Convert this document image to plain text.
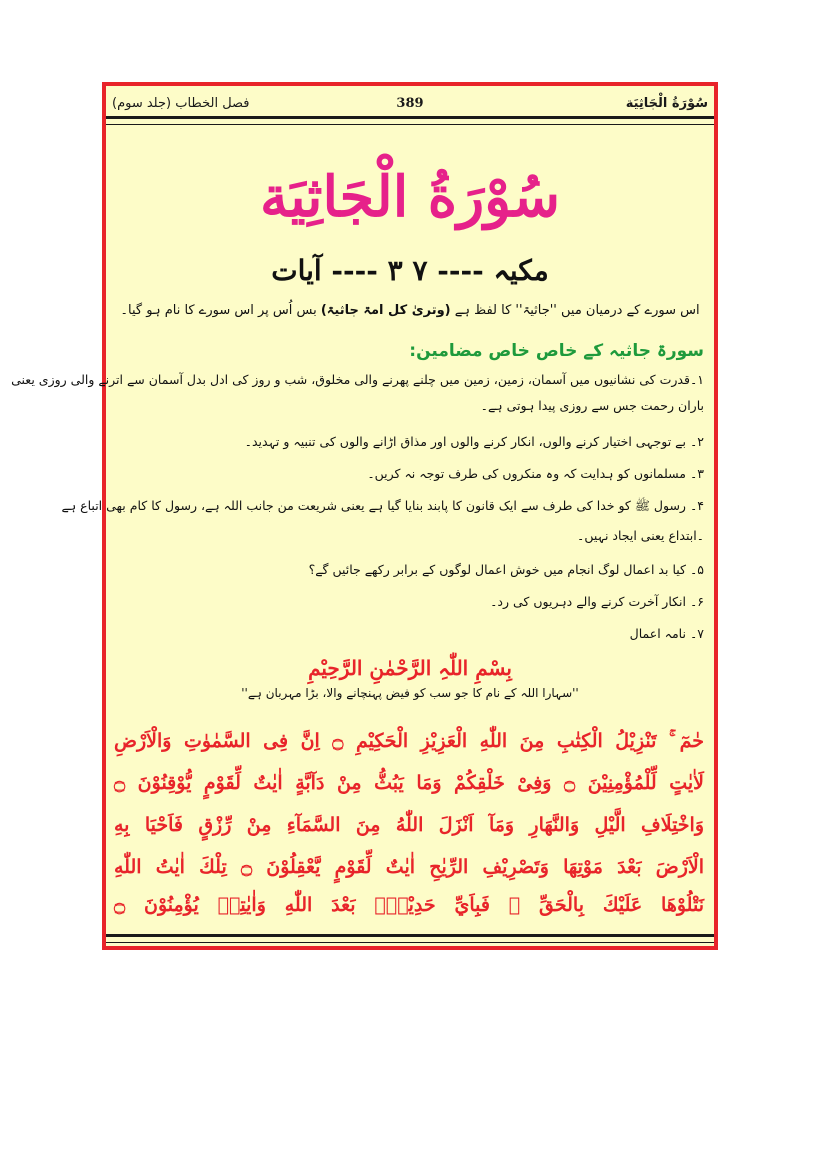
سُوْرَةُ الْجَاثِيَة
389
فصل الخطاب (جلد سوم)
سُوْرَةُ الْجَاثِيَة
مکیہ ---- ۷ ۳ ---- آیات
اس سورے کے درمیان میں ''جاثیۃ'' کا لفظ ہے (وتریٰ کل امۃ جاثیۃ) بس اُس پر اس سورے کا نام ہو گیا۔
سورۃ جاثیہ کے خاص خاص مضامین:
۱۔قدرت کی نشانیوں میں آسمان، زمین، زمین میں چلنے پھرنے والی مخلوق، شب و روز کی ادل بدل آسمان سے اترنے والی روزی یعنی
باران رحمت جس سے روزی پیدا ہوتی ہے۔
۲۔ بے توجہی اختیار کرنے والوں، انکار کرنے والوں اور مذاق اڑانے والوں کی تنبیہ و تہدید۔
۳۔ مسلمانوں کو ہدایت کہ وہ منکروں کی طرف توجہ نہ کریں۔
۴۔ رسول ﷺ کو خدا کی طرف سے ایک قانون کا پابند بنایا گیا ہے یعنی شریعت من جانب اللہ ہے، رسول کا کام بھی اتباع ہے
۔ابتداع یعنی ایجاد نہیں۔
۵۔ کیا بد اعمال لوگ انجام میں خوش اعمال لوگوں کے برابر رکھے جائیں گے؟
۶۔ انکار آخرت کرنے والے دہریوں کی رد۔
۷۔ نامہ اعمال
بِسْمِ اللّٰہِ الرَّحْمٰنِ الرَّحِیْمِ
''سہارا اللہ کے نام کا جو سب کو فیض پہنچانے والا، بڑا مہربان ہے''
حٰمٓ ۚ تَنْزِيْلُ الْكِتٰبِ مِنَ اللّٰهِ الْعَزِيْزِ الْحَكِيْمِ ۝ اِنَّ فِى السَّمٰوٰتِ وَالْاَرْضِ
لَاٰيٰتٍ لِّلْمُؤْمِنِيْنَ ۝ وَفِىْ خَلْقِكُمْ وَمَا يَبُثُّ مِنْ دَآبَّةٍ اٰيٰتٌ لِّقَوْمٍ يُّوْقِنُوْنَ ۝
وَاخْتِلَافِ الَّيْلِ وَالنَّهَارِ وَمَآ اَنْزَلَ اللّٰهُ مِنَ السَّمَآءِ مِنْ رِّزْقٍ فَاَحْيَا بِهِ
الْاَرْضَ بَعْدَ مَوْتِهَا وَتَصْرِيْفِ الرِّيٰحِ اٰيٰتٌ لِّقَوْمٍ يَّعْقِلُوْنَ ۝ تِلْكَ اٰيٰتُ اللّٰهِ
نَتْلُوْهَا عَلَيْكَ بِالْحَقِّ ۚ فَبِاَيِّ حَدِيْثٍۢ بَعْدَ اللّٰهِ وَاٰيٰتِهٖ يُؤْمِنُوْنَ ۝
